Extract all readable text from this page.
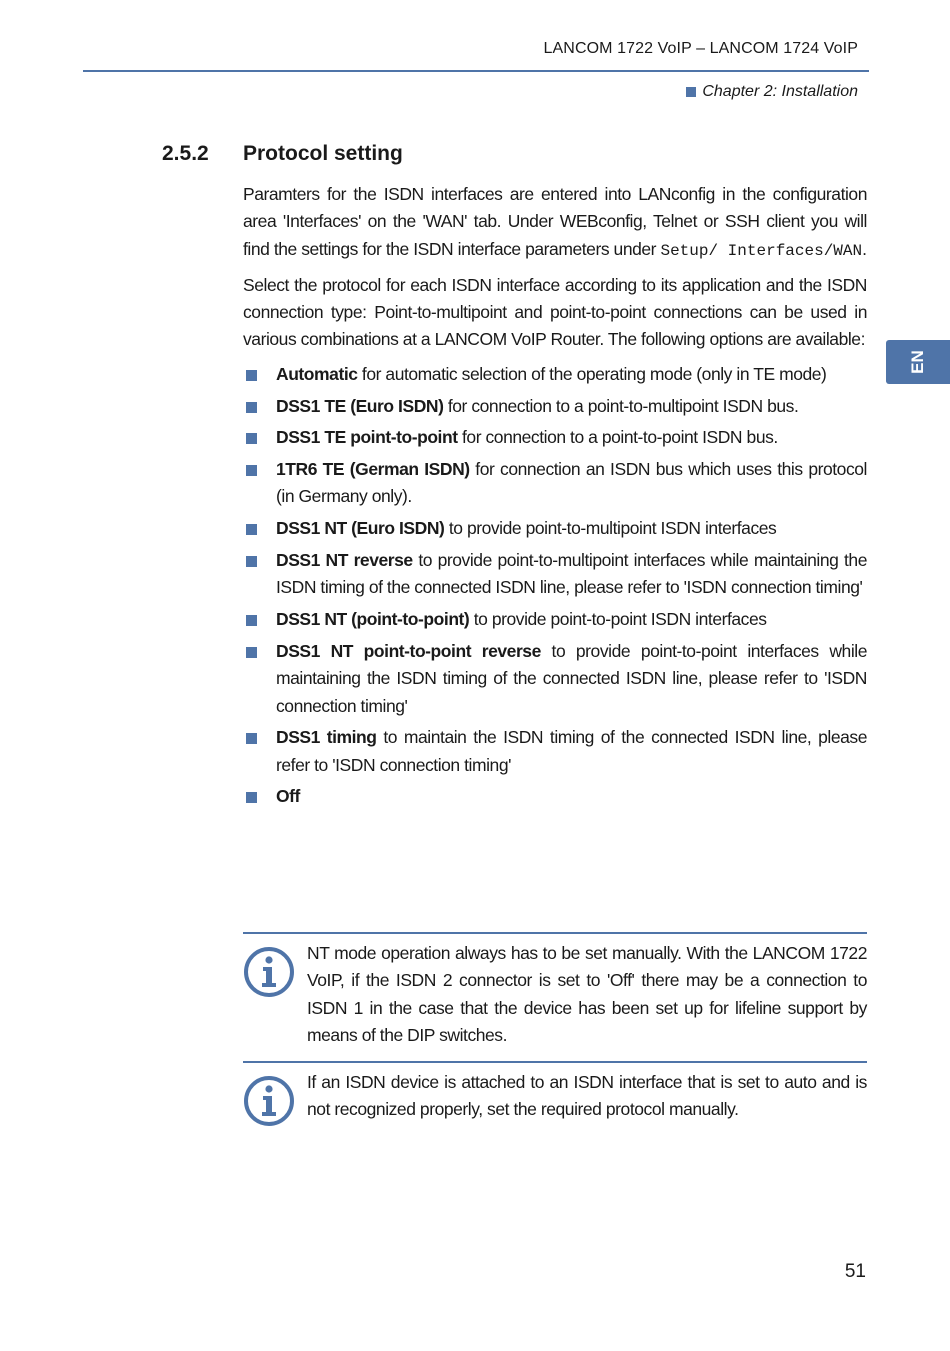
LANCOM 1722 VoIP – LANCOM 1724 VoIP
Chapter 2: Installation
EN
2.5.2 Protocol setting

Paramters for the ISDN interfaces are entered into LANconfig in the configuration area 'Interfaces' on the 'WAN' tab. Under WEBconfig, Telnet or SSH client you will find the settings for the ISDN interface parameters under Setup/ Interfaces/WAN.

Select the protocol for each ISDN interface according to its application and the ISDN connection type: Point-to-multipoint and point-to-point connections can be used in various combinations at a LANCOM VoIP Router. The following options are available:

Automatic for automatic selection of the operating mode (only in TE mode)
DSS1 TE (Euro ISDN) for connection to a point-to-multipoint ISDN bus.
DSS1 TE point-to-point for connection to a point-to-point ISDN bus.
1TR6 TE (German ISDN) for connection an ISDN bus which uses this protocol (in Germany only).
DSS1 NT (Euro ISDN) to provide point-to-multipoint ISDN interfaces
DSS1 NT reverse to provide point-to-multipoint interfaces while maintaining the ISDN timing of the connected ISDN line, please refer to 'ISDN connection timing'
DSS1 NT (point-to-point) to provide point-to-point ISDN interfaces
DSS1 NT point-to-point reverse to provide point-to-point interfaces while maintaining the ISDN timing of the connected ISDN line, please refer to 'ISDN connection timing'
DSS1 timing to maintain the ISDN timing of the connected ISDN line, please refer to 'ISDN connection timing'
Off
NT mode operation always has to be set manually. With the LANCOM 1722 VoIP, if the ISDN 2 connector is set to 'Off' there may be a connection to ISDN 1 in the case that the device has been set up for lifeline support by means of the DIP switches.
If an ISDN device is attached to an ISDN interface that is set to auto and is not recognized properly, set the required protocol manually.
51
